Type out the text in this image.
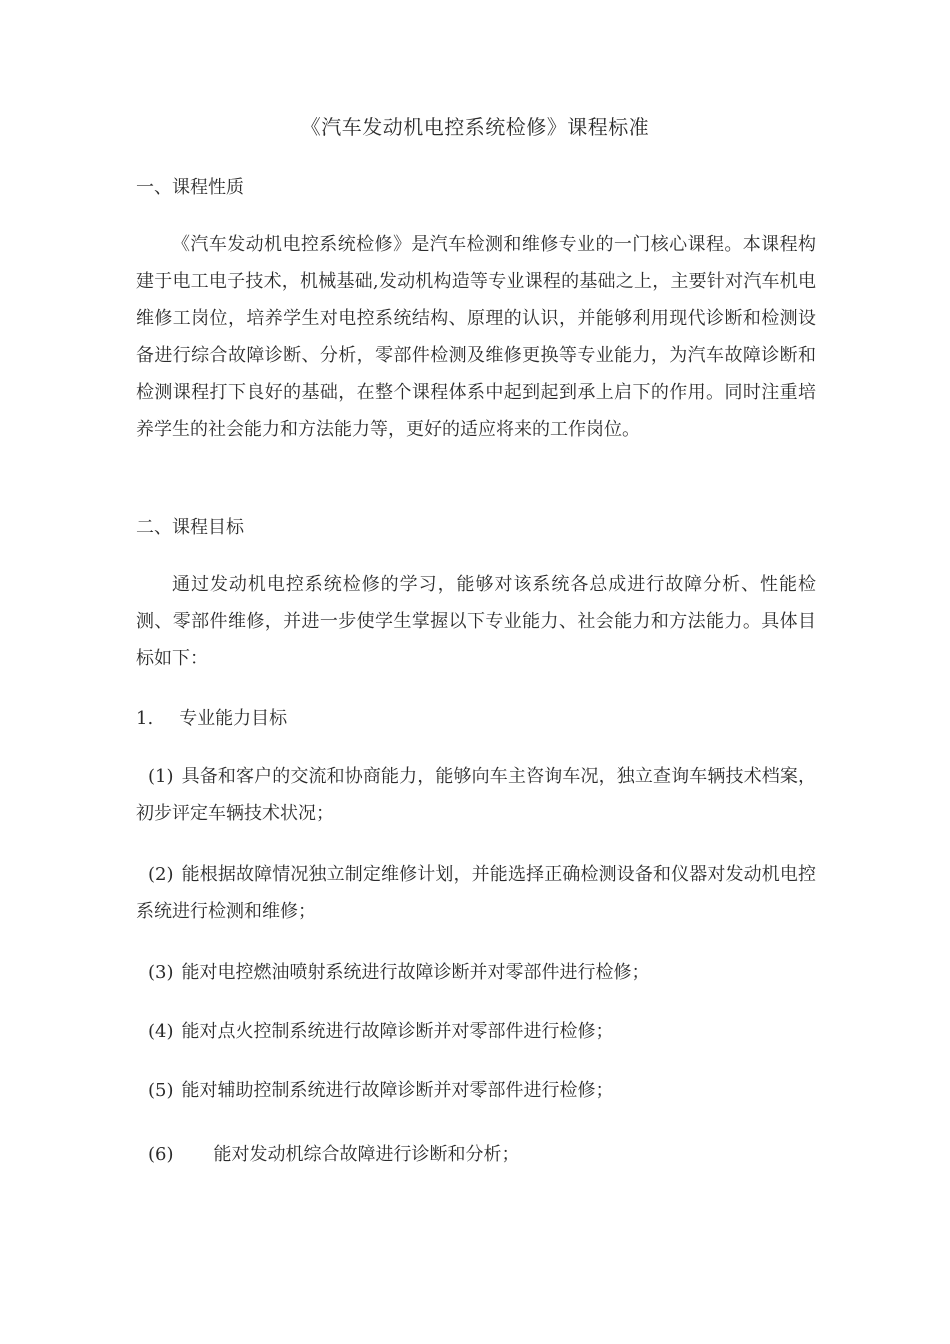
《汽车发动机电控系统检修》课程标准
一、课程性质

《汽车发动机电控系统检修》是汽车检测和维修专业的一门核心课程。本课程构建于电工电子技术，机械基础,发动机构造等专业课程的基础之上，主要针对汽车机电维修工岗位，培养学生对电控系统结构、原理的认识，并能够利用现代诊断和检测设备进行综合故障诊断、分析，零部件检测及维修更换等专业能力，为汽车故障诊断和检测课程打下良好的基础，在整个课程体系中起到起到承上启下的作用。同时注重培养学生的社会能力和方法能力等，更好的适应将来的工作岗位。

二、课程目标

通过发动机电控系统检修的学习，能够对该系统各总成进行故障分析、性能检测、零部件维修，并进一步使学生掌握以下专业能力、社会能力和方法能力。具体目标如下：

1. 专业能力目标

(1) 具备和客户的交流和协商能力，能够向车主咨询车况，独立查询车辆技术档案，初步评定车辆技术状况；

(2) 能根据故障情况独立制定维修计划，并能选择正确检测设备和仪器对发动机电控系统进行检测和维修；

(3) 能对电控燃油喷射系统进行故障诊断并对零部件进行检修；

(4) 能对点火控制系统进行故障诊断并对零部件进行检修；

(5) 能对辅助控制系统进行故障诊断并对零部件进行检修；

(6) 能对发动机综合故障进行诊断和分析；
